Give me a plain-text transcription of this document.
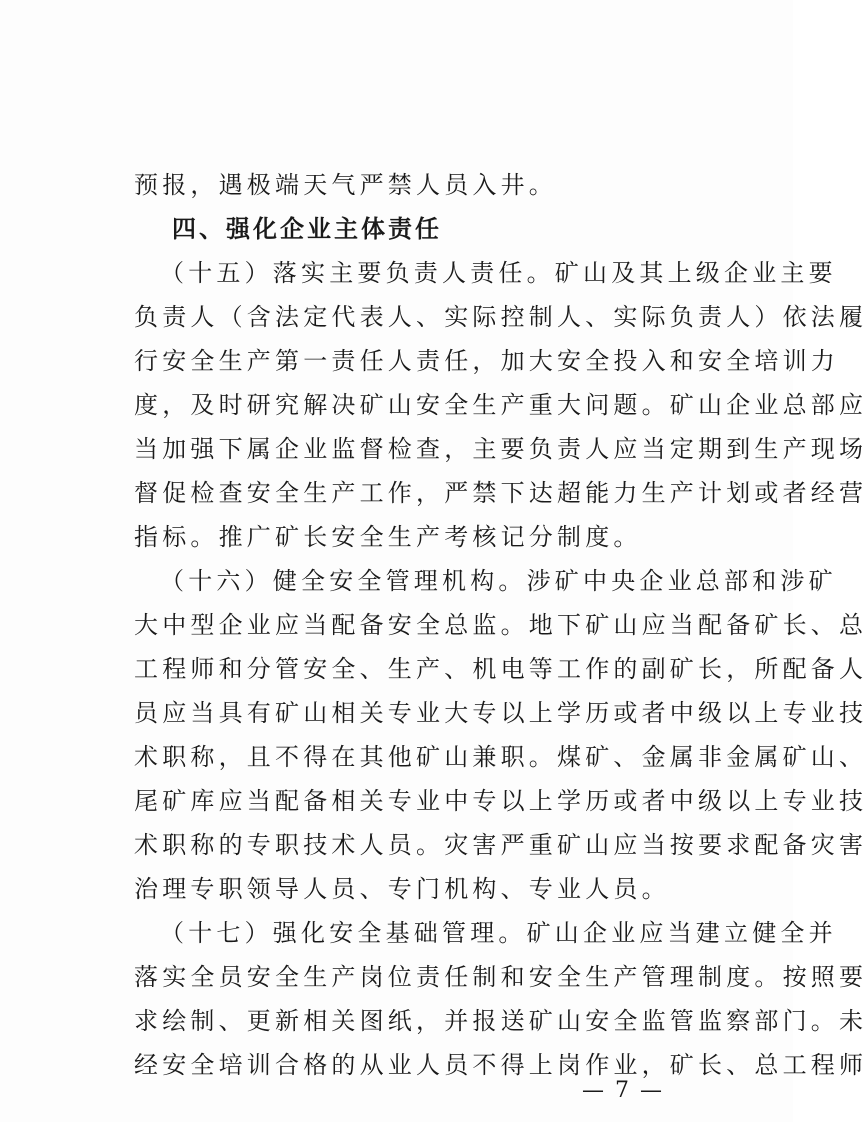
预报，遇极端天气严禁人员入井。
四、强化企业主体责任
（十五）落实主要负责人责任。矿山及其上级企业主要
负责人（含法定代表人、实际控制人、实际负责人）依法履
行安全生产第一责任人责任，加大安全投入和安全培训力
度，及时研究解决矿山安全生产重大问题。矿山企业总部应
当加强下属企业监督检查，主要负责人应当定期到生产现场
督促检查安全生产工作，严禁下达超能力生产计划或者经营
指标。推广矿长安全生产考核记分制度。
（十六）健全安全管理机构。涉矿中央企业总部和涉矿
大中型企业应当配备安全总监。地下矿山应当配备矿长、总
工程师和分管安全、生产、机电等工作的副矿长，所配备人
员应当具有矿山相关专业大专以上学历或者中级以上专业技
术职称，且不得在其他矿山兼职。煤矿、金属非金属矿山、
尾矿库应当配备相关专业中专以上学历或者中级以上专业技
术职称的专职技术人员。灾害严重矿山应当按要求配备灾害
治理专职领导人员、专门机构、专业人员。
（十七）强化安全基础管理。矿山企业应当建立健全并
落实全员安全生产岗位责任制和安全生产管理制度。按照要
求绘制、更新相关图纸，并报送矿山安全监管监察部门。未
经安全培训合格的从业人员不得上岗作业，矿长、总工程师
— 7 —
